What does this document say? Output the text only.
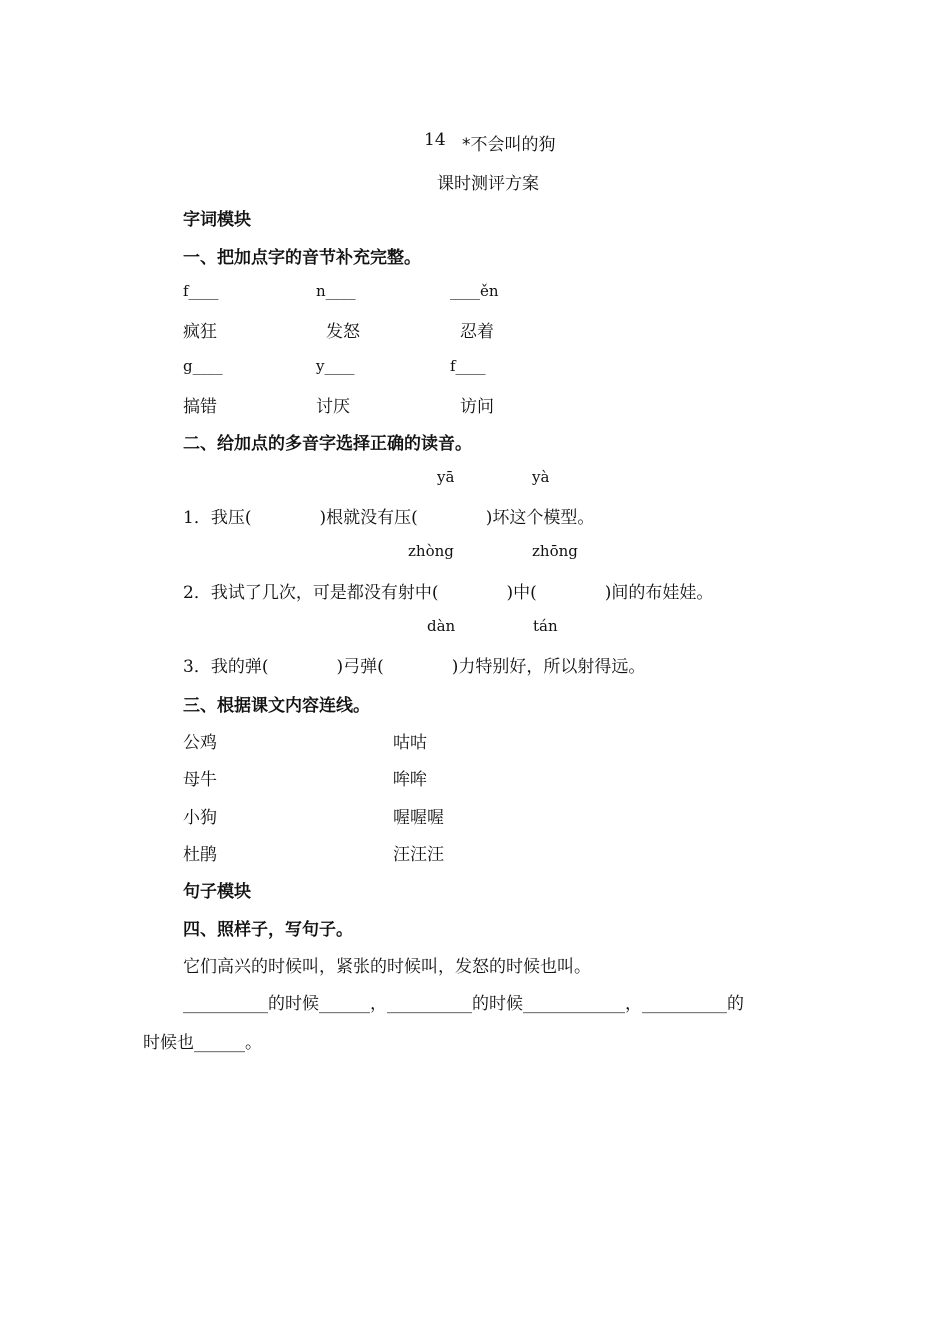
14 *不会叫的狗
课时测评方案
字词模块
一、把加点字的音节补充完整。
f____	n____	____ěn
疯狂	发怒	忍着
g____	y____	f____
搞错	讨厌	访问
二、给加点的多音字选择正确的读音。
yā	yà
1．我压(　　　　)根就没有压(　　　　)坏这个模型。
zhòng	zhōng
2．我试了几次，可是都没有射中(　　　　)中(　　　　)间的布娃娃。
dàn	tán
3．我的弹(　　　　)弓弹(　　　　)力特别好，所以射得远。
三、根据课文内容连线。
公鸡	咕咕
母牛	哞哞
小狗	喔喔喔
杜鹃	汪汪汪
句子模块
四、照样子，写句子。
它们高兴的时候叫，紧张的时候叫，发怒的时候也叫。
__________的时候______，__________的时候____________，__________的
时候也______。
